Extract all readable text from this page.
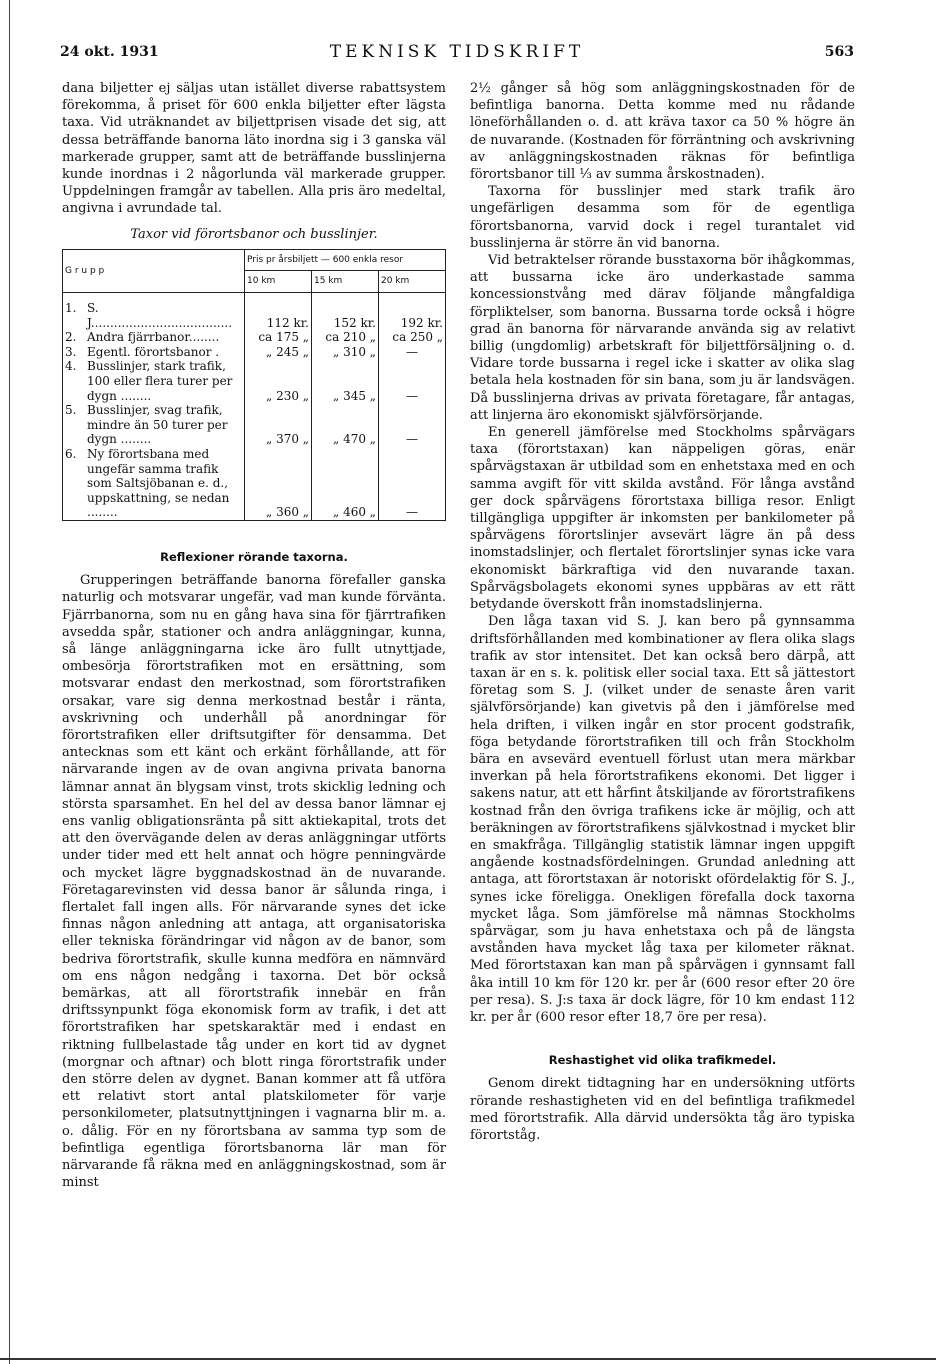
24 okt. 1931	TEKNISK TIDSKRIFT	563

dana biljetter ej säljas utan istället diverse rabattsystem förekomma, å priset för 600 enkla biljetter efter lägsta taxa. Vid uträknandet av biljettprisen visade det sig, att dessa beträffande banorna läto inordna sig i 3 ganska väl markerade grupper, samt att de beträffande busslinjerna kunde inordnas i 2 någorlunda väl markerade grupper. Uppdelningen framgår av tabellen. Alla pris äro medeltal, angivna i avrundade tal.

Taxor vid förortsbanor och busslinjer.
G r u p p		Pris pr årsbiljett — 600 enkla resor		
		10 km	15 km	20 km

1.	S. J.....................................	112 kr.	152 kr.	192 kr.
2.	Andra fjärrbanor........	ca 175 „	ca 210 „	ca 250 „
3.	Egentl. förortsbanor .	„ 245 „	„ 310 „	—
4.	Busslinjer, stark trafik, 100 eller flera turer per dygn ........	„ 230 „	„ 345 „	—
5.	Busslinjer, svag trafik, mindre än 50 turer per dygn ........	„ 370 „	„ 470 „	—
6.	Ny förortsbana med ungefär samma trafik som Saltsjöbanan e. d., uppskattning, se nedan ........	„ 360 „	„ 460 „	—
Reflexioner rörande taxorna.

Grupperingen beträffande banorna förefaller ganska naturlig och motsvarar ungefär, vad man kunde förvänta. Fjärrbanorna, som nu en gång hava sina för fjärrtrafiken avsedda spår, stationer och andra anläggningar, kunna, så länge anläggningarna icke äro fullt utnyttjade, ombesörja förortstrafiken mot en ersättning, som motsvarar endast den merkostnad, som förortstrafiken orsakar, vare sig denna merkostnad består i ränta, avskrivning och underhåll på anordningar för förortstrafiken eller driftsutgifter för densamma. Det antecknas som ett känt och erkänt förhållande, att för närvarande ingen av de ovan angivna privata banorna lämnar annat än blygsam vinst, trots skicklig ledning och största sparsamhet. En hel del av dessa banor lämnar ej ens vanlig obligationsränta på sitt aktiekapital, trots det att den övervägande delen av deras anläggningar utförts under tider med ett helt annat och högre penningvärde och mycket lägre byggnadskostnad än de nuvarande. Företagarevinsten vid dessa banor är sålunda ringa, i flertalet fall ingen alls. För närvarande synes det icke finnas någon anledning att antaga, att organisatoriska eller tekniska förändringar vid någon av de banor, som bedriva förortstrafik, skulle kunna medföra en nämnvärd om ens någon nedgång i taxorna. Det bör också bemärkas, att all förortstrafik innebär en från driftssynpunkt föga ekonomisk form av trafik, i det att förortstrafiken har spetskaraktär med i endast en riktning fullbelastade tåg under en kort tid av dygnet (morgnar och aftnar) och blott ringa förortstrafik under den större delen av dygnet. Banan kommer att få utföra ett relativt stort antal platskilometer för varje personkilometer, platsutnyttjningen i vagnarna blir m. a. o. dålig. För en ny förortsbana av samma typ som de befintliga egentliga förortsbanorna lär man för närvarande få räkna med en anläggningskostnad, som är minst

2½ gånger så hög som anläggningskostnaden för de befintliga banorna. Detta komme med nu rådande löneförhållanden o. d. att kräva taxor ca 50 % högre än de nuvarande. (Kostnaden för förräntning och avskrivning av anläggningskostnaden räknas för befintliga förortsbanor till ⅓ av summa årskostnaden).

Taxorna för busslinjer med stark trafik äro ungefärligen desamma som för de egentliga förortsbanorna, varvid dock i regel turantalet vid busslinjerna är större än vid banorna.

Vid betraktelser rörande busstaxorna bör ihågkommas, att bussarna icke äro underkastade samma koncessionstvång med därav följande mångfaldiga förpliktelser, som banorna. Bussarna torde också i högre grad än banorna för närvarande använda sig av relativt billig (ungdomlig) arbetskraft för biljettförsäljning o. d. Vidare torde bussarna i regel icke i skatter av olika slag betala hela kostnaden för sin bana, som ju är landsvägen. Då busslinjerna drivas av privata företagare, får antagas, att linjerna äro ekonomiskt självförsörjande.

En generell jämförelse med Stockholms spårvägars taxa (förortstaxan) kan näppeligen göras, enär spårvägstaxan är utbildad som en enhetstaxa med en och samma avgift för vitt skilda avstånd. För långa avstånd ger dock spårvägens förortstaxa billiga resor. Enligt tillgängliga uppgifter är inkomsten per bankilometer på spårvägens förortslinjer avsevärt lägre än på dess inomstadslinjer, och flertalet förortslinjer synas icke vara ekonomiskt bärkraftiga vid den nuvarande taxan. Spårvägsbolagets ekonomi synes uppbäras av ett rätt betydande överskott från inomstadslinjerna.

Den låga taxan vid S. J. kan bero på gynnsamma driftsförhållanden med kombinationer av flera olika slags trafik av stor intensitet. Det kan också bero därpå, att taxan är en s. k. politisk eller social taxa. Ett så jättestort företag som S. J. (vilket under de senaste åren varit självförsörjande) kan givetvis på den i jämförelse med hela driften, i vilken ingår en stor procent godstrafik, föga betydande förortstrafiken till och från Stockholm bära en avsevärd eventuell förlust utan mera märkbar inverkan på hela förortstrafikens ekonomi. Det ligger i sakens natur, att ett hårfint åtskiljande av förortstrafikens kostnad från den övriga trafikens icke är möjlig, och att beräkningen av förortstrafikens självkostnad i mycket blir en smakfråga. Tillgänglig statistik lämnar ingen uppgift angående kostnadsfördelningen. Grundad anledning att antaga, att förortstaxan är notoriskt ofördelaktig för S. J., synes icke föreligga. Onekligen förefalla dock taxorna mycket låga. Som jämförelse må nämnas Stockholms spårvägar, som ju hava enhetstaxa och på de längsta avstånden hava mycket låg taxa per kilometer räknat. Med förortstaxan kan man på spårvägen i gynnsamt fall åka intill 10 km för 120 kr. per år (600 resor efter 20 öre per resa). S. J:s taxa är dock lägre, för 10 km endast 112 kr. per år (600 resor efter 18,7 öre per resa).

Reshastighet vid olika trafikmedel.

Genom direkt tidtagning har en undersökning utförts rörande reshastigheten vid en del befintliga trafikmedel med förortstrafik. Alla därvid undersökta tåg äro typiska förortståg.
